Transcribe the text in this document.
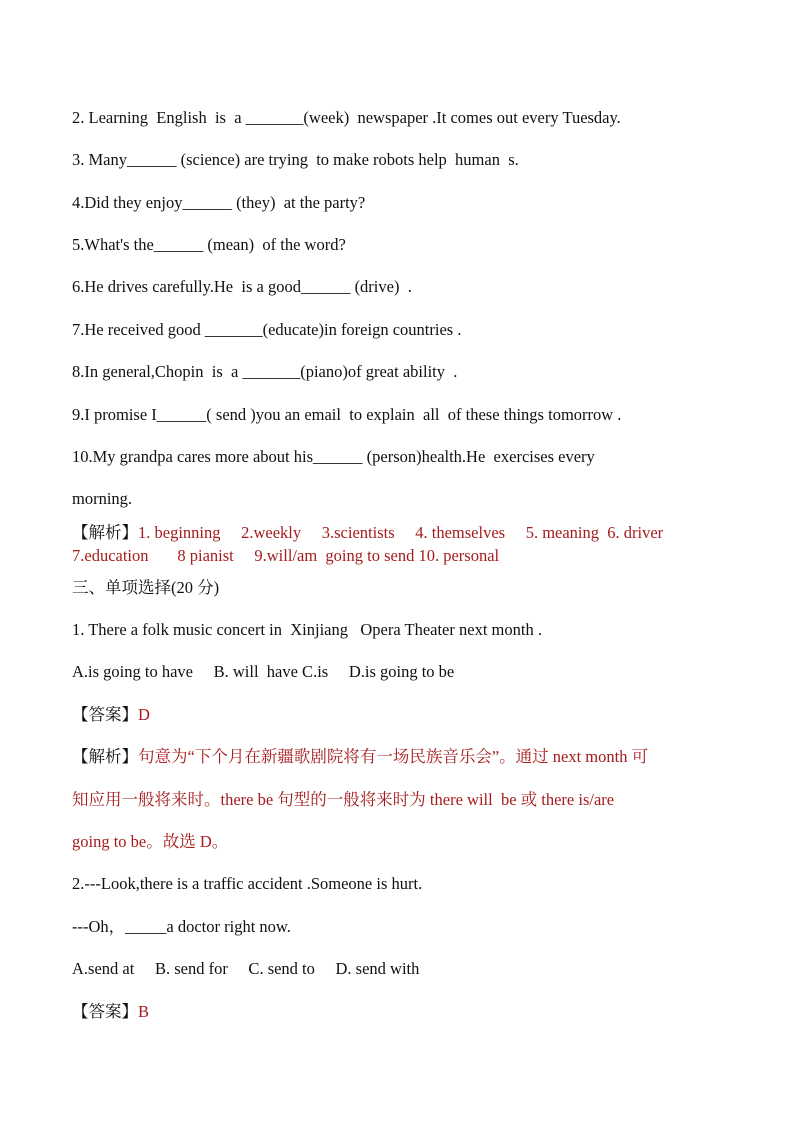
2. Learning  English  is  a _______(week)  newspaper .It comes out every Tuesday.
3. Many______ (science) are trying  to make robots help  human  s.
4.Did they enjoy______ (they)  at the party?
5.What's the______ (mean)  of the word?
6.He drives carefully.He  is a good______ (drive)  .
7.He received good _______(educate)in foreign countries .
8.In general,Chopin  is  a _______(piano)of great ability  .
9.I promise I______( send )you an email  to explain  all  of these things tomorrow .
10.My grandpa cares more about his______ (person)health.He  exercises every
morning.
【解析】1. beginning     2.weekly     3.scientists     4. themselves     5. meaning  6. driver
7.education       8 pianist     9.will/am  going to send 10. personal
三、单项选择(20 分)
1. There a folk music concert in  Xinjiang   Opera Theater next month .
A.is going to have     B. will  have C.is     D.is going to be
【答案】D
【解析】句意为“下个月在新疆歌剧院将有一场民族音乐会”。通过 next month 可
知应用一般将来时。there be 句型的一般将来时为 there will  be 或 there is/are
going to be。故选 D。
2.---Look,there is a traffic accident .Someone is hurt.
---Oh，_____a doctor right now.
A.send at     B. send for     C. send to     D. send with
【答案】B
